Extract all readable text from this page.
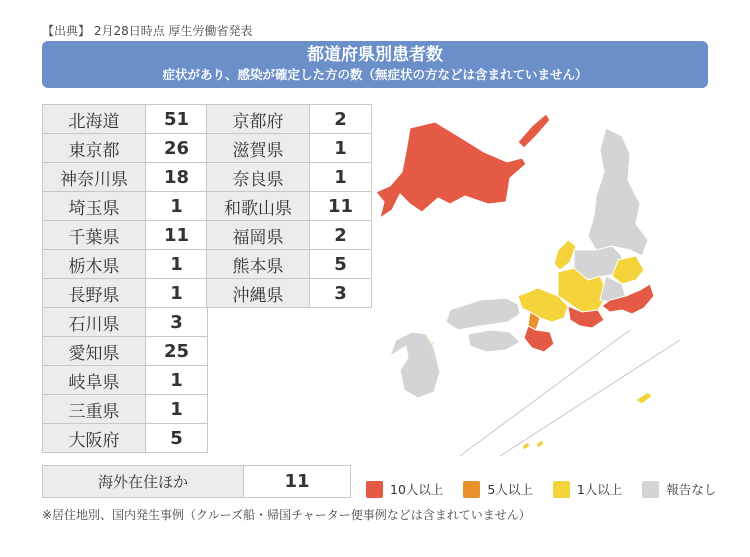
【出典】 2月28日時点 厚生労働省発表
都道府県別患者数
症状があり、感染が確定した方の数（無症状の方などは含まれていません）
北海道	51
東京都	26
神奈川県	18
埼玉県	1
千葉県	11
栃木県	1
長野県	1
石川県	3
愛知県	25
岐阜県	1
三重県	1
大阪府	5
京都府	2
滋賀県	1
奈良県	1
和歌山県	11
福岡県	2
熊本県	5
沖縄県	3
海外在住ほか	11	10人以上	5人以上	1人以上	報告なし
※居住地別、国内発生事例（クルーズ船・帰国チャーター便事例などは含まれていません）
